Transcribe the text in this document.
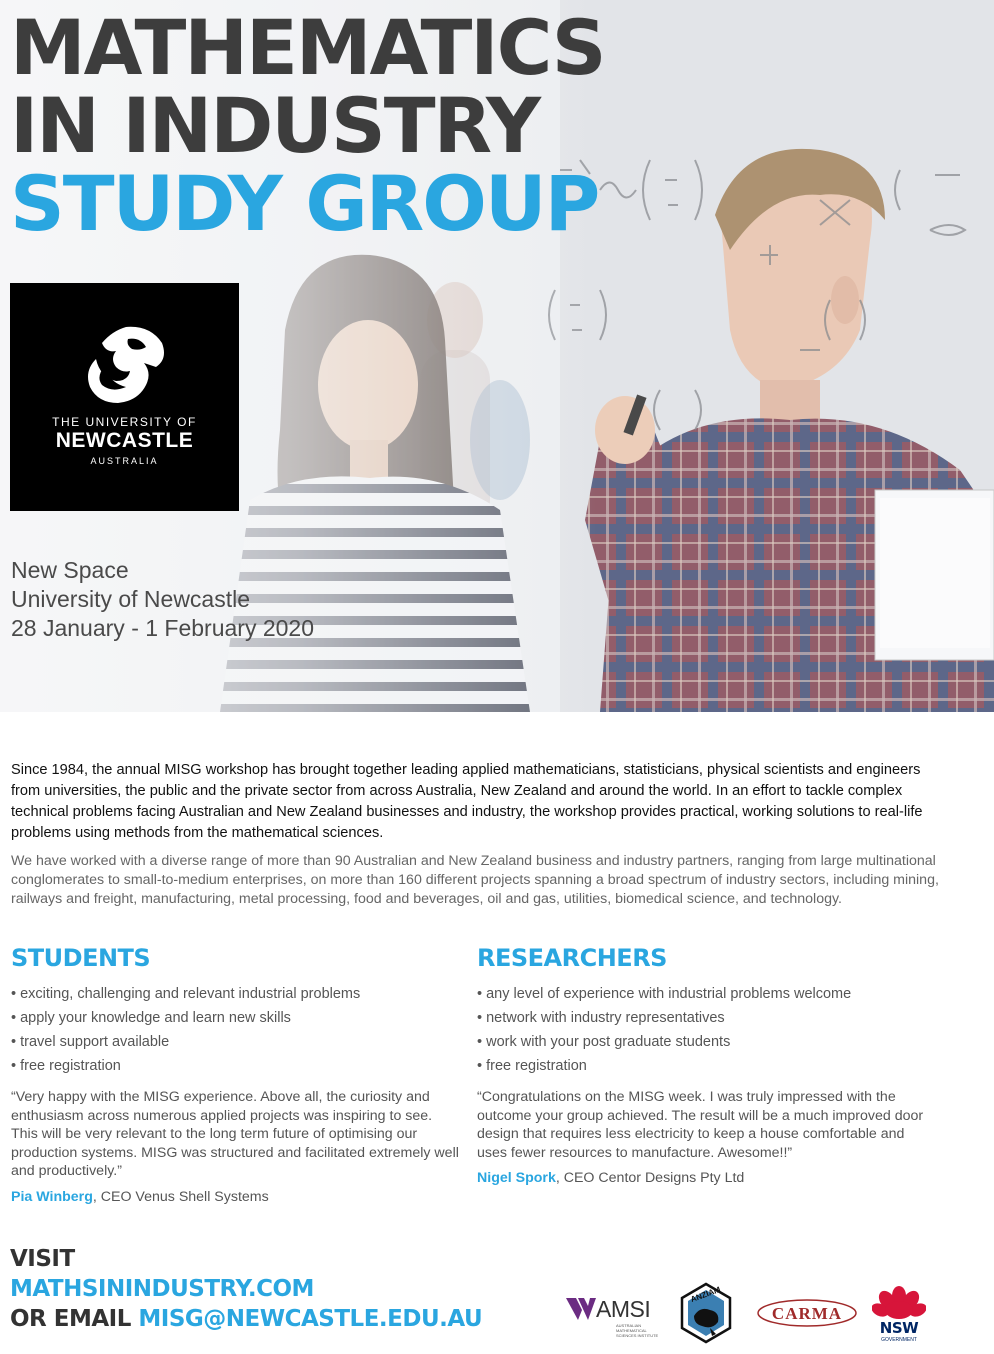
MATHEMATICS
IN INDUSTRY
STUDY GROUP
THE UNIVERSITY OF
NEWCASTLE
AUSTRALIA
New Space
University of Newcastle
28 January - 1 February 2020

Since 1984, the annual MISG workshop has brought together leading applied mathematicians, statisticians, physical scientists and engineers from universities, the public and the private sector from across Australia, New Zealand and around the world. In an effort to tackle complex technical problems facing Australian and New Zealand businesses and industry, the workshop provides practical, working solutions to real-life problems using methods from the mathematical sciences.

We have worked with a diverse range of more than 90 Australian and New Zealand business and industry partners, ranging from large multinational conglomerates to small-to-medium enterprises, on more than 160 different projects spanning a broad spectrum of industry sectors, including mining, railways and freight, manufacturing, metal processing, food and beverages, oil and gas, utilities, biomedical science, and technology.

STUDENTS
• exciting, challenging and relevant industrial problems
• apply your knowledge and learn new skills
• travel support available
• free registration

“Very happy with the MISG experience. Above all, the curiosity and enthusiasm across numerous applied projects was inspiring to see. This will be very relevant to the long term future of optimising our production systems. MISG was structured and facilitated extremely well and productively.”

Pia Winberg, CEO Venus Shell Systems

RESEARCHERS
• any level of experience with industrial problems welcome
• network with industry representatives
• work with your post graduate students
• free registration

“Congratulations on the MISG week. I was truly impressed with the outcome your group achieved. The result will be a much improved door design that requires less electricity to keep a house comfortable and uses fewer resources to manufacture. Awesome!!”

Nigel Spork, CEO Centor Designs Pty Ltd

VISIT
MATHSININDUSTRY.COM
OR EMAIL MISG@NEWCASTLE.EDU.AU	AMSI
AUSTRALIAN MATHEMATICAL SCIENCES INSTITUTE
ANZIAM
CARMA
NSW
GOVERNMENT
